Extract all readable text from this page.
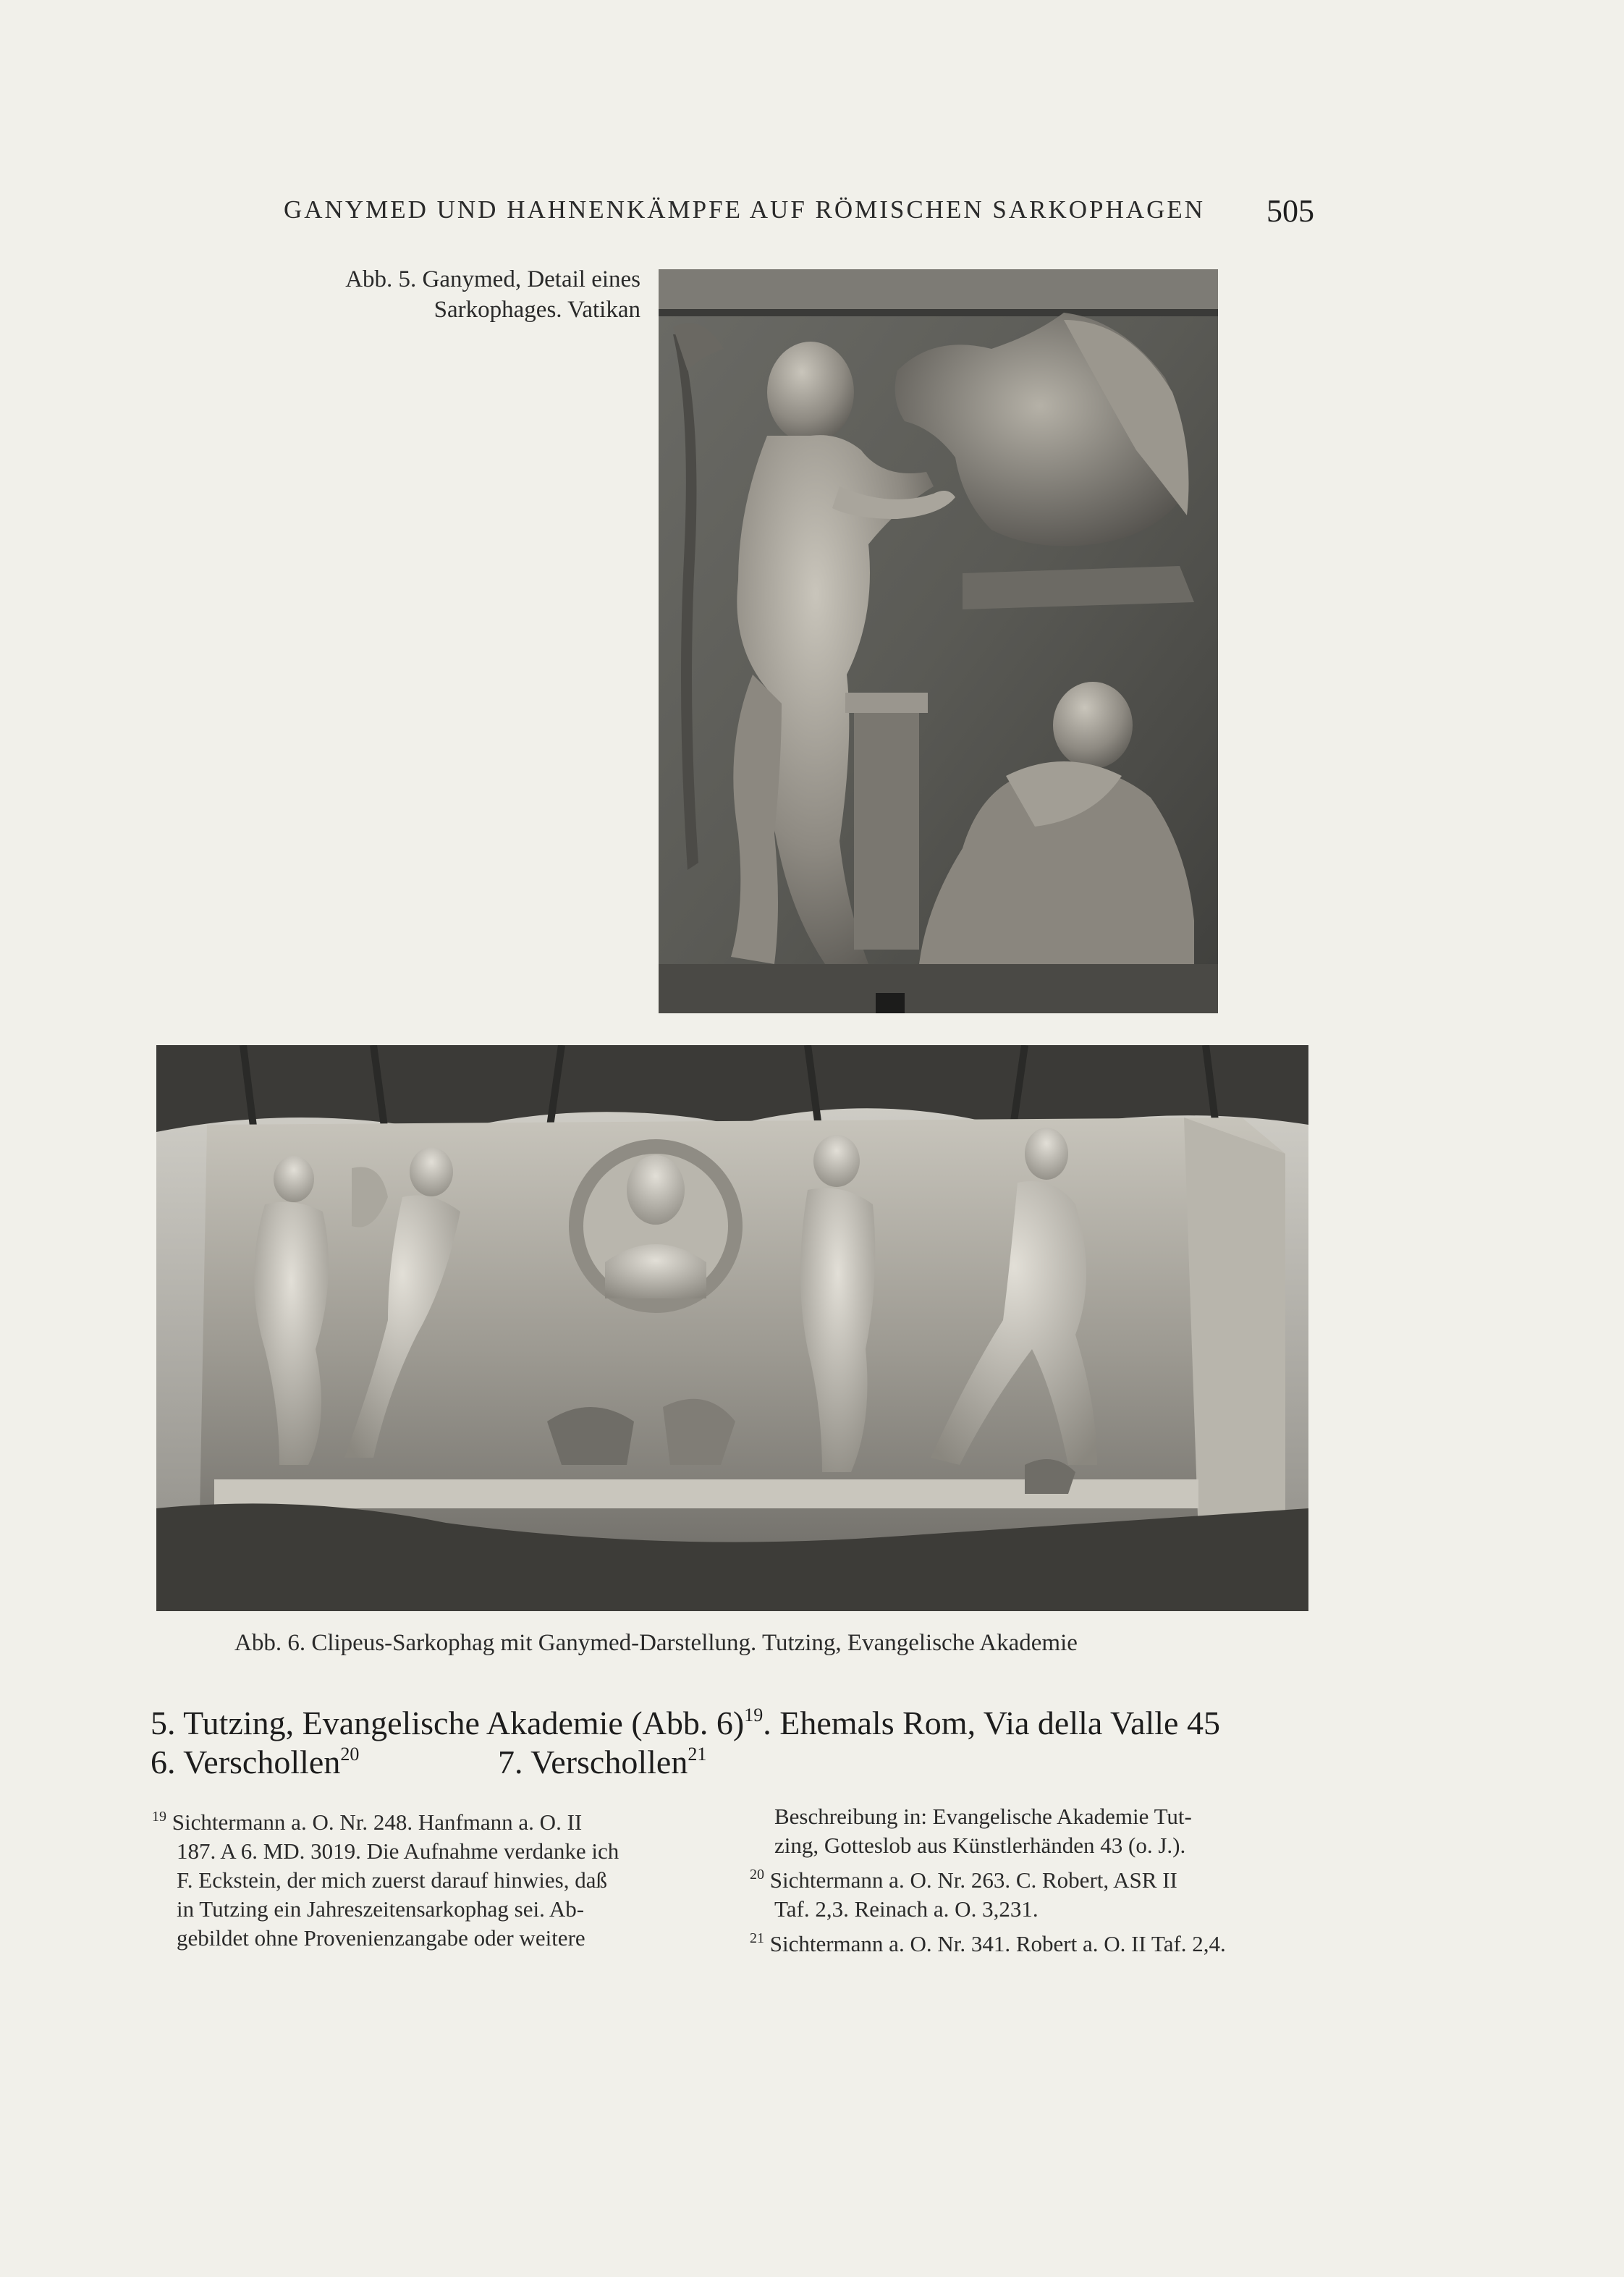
GANYMED UND HAHNENKÄMPFE AUF RÖMISCHEN SARKOPHAGEN 505
Abb. 5. Ganymed, Detail eines
Sarkophages. Vatikan
Abb. 6. Clipeus-Sarkophag mit Ganymed-Darstellung. Tutzing, Evangelische Akademie
5. Tutzing, Evangelische Akademie (Abb. 6)$^{19}$. Ehemals Rom, Via della Valle 45
6. Verschollen$^{20}$	7. Verschollen$^{21}$
$^{19}$ Sichtermann a. O. Nr. 248. Hanfmann a. O. II
187. A 6. MD. 3019. Die Aufnahme verdanke ich
F. Eckstein, der mich zuerst darauf hinwies, daß
in Tutzing ein Jahreszeitensarkophag sei. Ab-
gebildet ohne Provenienzangabe oder weitere
Beschreibung in: Evangelische Akademie Tut-
zing, Gotteslob aus Künstlerhänden 43 (o. J.).
$^{20}$ Sichtermann a. O. Nr. 263. C. Robert, ASR II
Taf. 2,3. Reinach a. O. 3,231.
$^{21}$ Sichtermann a. O. Nr. 341. Robert a. O. II Taf. 2,4.
